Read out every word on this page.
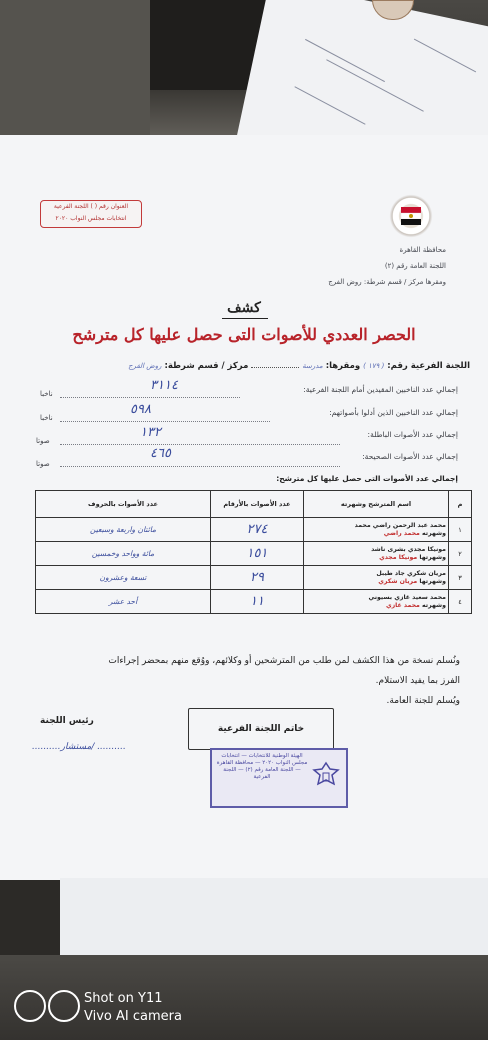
العنوان رقم ( ) اللجنة الفرعية
انتخابات مجلس النواب ٢٠٢٠
محافظة القاهرة
اللجنة العامة رقم (٢)
ومقرها مركز / قسم شرطة: روض الفرج
كشف
الحصر العددي للأصوات التى حصل عليها كل مترشح
اللجنة الفرعية رقم: ( ١٧٩ ) ومقرها: مدرسة  مركز / قسم شرطة: روض الفرج
إجمالي عدد الناخبين المقيدين أمام اللجنة الفرعية:
٣١١٤
ناخبا
إجمالي عدد الناخبين الذين أدلوا بأصواتهم:
٥٩٨
ناخبا
إجمالي عدد الأصوات الباطلة:
١٣٢
صوتا
إجمالي عدد الأصوات الصحيحة:
٤٦٥
صوتا
إجمالي عدد الأصوات التى حصل عليها كل مترشح:
م	اسم المترشح وشهرته	عدد الأصوات بالأرقام	عدد الأصوات بالحروف
١	محمد عبد الرحمن راضي محمد
وشهرته محمد راضي	٢٧٤	مائتان واربعة وسبعين
٢	مونيكا مجدي بشرى ناشد
وشهرتها مونيكا مجدي	١٥١	مائة وواحد وخمسين
٣	مريان شكري جاد طيبل
وشهرتها مريان شكري	٢٩	تسعة وعشرون
٤	محمد سعيد غازي بسيوني
وشهرته محمد غازي	١١	أحد عشر
ونُسلم نسخة من هذا الكشف لمن طلب من المترشحين أو وكلائهم، ووُقع منهم بمحضر إجراءات
الفرز بما يفيد الاستلام.
ويُسلم للجنة العامة.
رئيس اللجنة
..........مستشار/ ..........
خاتم اللجنة الفرعية
الهيئة الوطنية للانتخابات — انتخابات مجلس النواب ٢٠٢٠ — محافظة القاهرة — اللجنة العامة رقم (٢) — اللجنة الفرعية
Shot on Y11
Vivo AI camera
